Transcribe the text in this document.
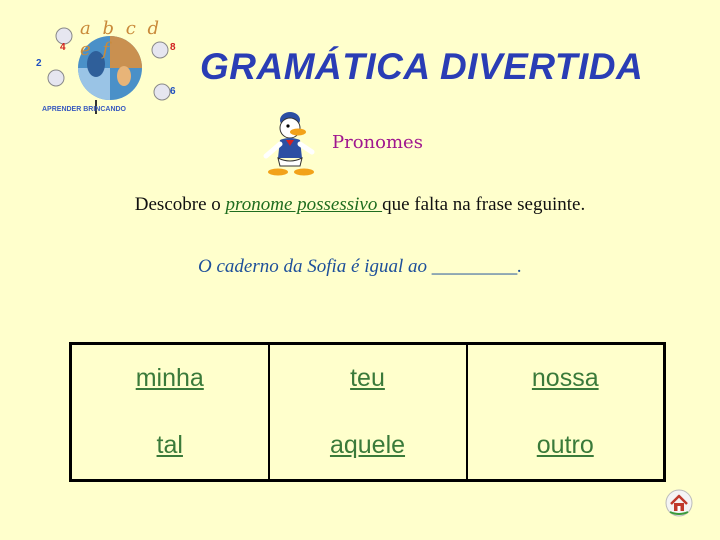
a b c d e f
4	8
2
6
APRENDER BRINCANDO
GRAMÁTICA DIVERTIDA
Pronomes
Descobre o pronome possessivo que falta na frase seguinte.
O caderno da Sofia é igual ao _________.
minha	teu	nossa
tal	aquele	outro
